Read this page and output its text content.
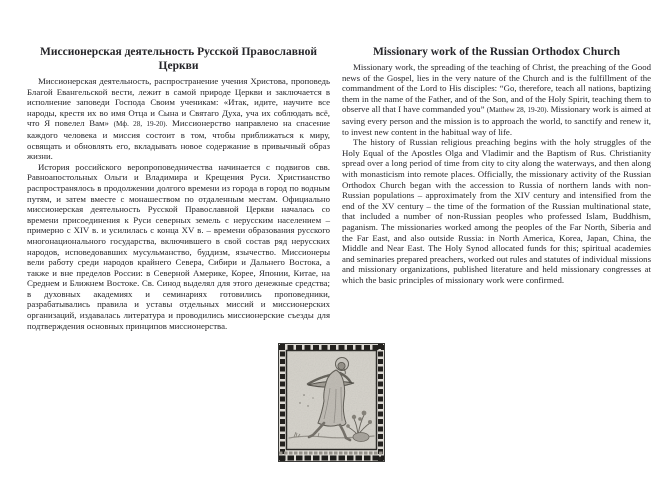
Миссионерская деятельность Русской Православной Церкви

Миссионерская деятельность, распространение учения Христова, проповедь Благой Евангельской вести, лежит в самой природе Церкви и заключается в исполнение заповеди Господа Своим ученикам: «Итак, идите, научите все народы, крестя их во имя Отца и Сына и Святаго Духа, уча их соблюдать всё, что Я повелел Вам» (Мф. 28, 19-20). Миссионерство направлено на спасение каждого человека и миссия состоит в том, чтобы приближаться к миру, освящать и обновлять его, вкладывать новое содержание в привычный образ жизни.

История российского веропроповедничества начинается с подвигов свв. Равноапостольных Ольги и Владимира и Крещения Руси. Христианство распространялось в продолжении долгого времени из города в город по водным путям, и затем вместе с монашеством по отдаленным местам. Официально миссионерская деятельность Русской Православной Церкви началась со времени присоединения к Руси северных земель с нерусским населением – примерно с XIV в. и усилилась с конца XV в. – времени образования русского многонационального государства, включившего в свой состав ряд нерусских народов, исповедовавших мусульманство, буддизм, язычество. Миссионеры вели работу среди народов крайнего Севера, Сибири и Дальнего Востока, а также и вне пределов России: в Северной Америке, Корее, Японии, Китае, на Среднем и Ближнем Востоке. Св. Синод выделял для этого денежные средства; в духовных академиях и семинариях готовились проповедники, разрабатывались правила и уставы отдельных миссий и миссионерских организаций, издавалась литература и проводились миссионерские съезды для подтверждения основных принципов миссионерства.

Missionary work of the Russian Orthodox Church

Missionary work, the spreading of the teaching of Christ, the preaching of the Good news of the Gospel, lies in the very nature of the Church and is the fulfillment of the commandment of the Lord to His disciples: “Go, therefore, teach all nations, baptizing them in the name of the Father, and of the Son, and of the Holy Spirit, teaching them to observe all that I have commanded you” (Matthew 28, 19-20). Missionary work is aimed at saving every person and the mission is to approach the world, to sanctify and renew it, to invest new content in the habitual way of life.

The history of Russian religious preaching begins with the holy struggles of the Holy Equal of the Apostles Olga and Vladimir and the Baptism of Rus. Christianity spread over a long period of time from city to city along the waterways, and then along with monasticism into remote places. Officially, the missionary activity of the Russian Orthodox Church began with the accession to Russia of northern lands with non-Russian populations – approximately from the XIV century and intensified from the end of the XV century – the time of the formation of the Russian multinational state, that included a number of non-Russian peoples who professed Islam, Buddhism, paganism. The missionaries worked among the peoples of the Far North, Siberia and the Far East, and also outside Russia: in North America, Korea, Japan, China, the Middle and Near East. The Holy Synod allocated funds for this; spiritual academies and seminaries prepared preachers, worked out rules and statutes of individual missions and missionary organizations, published literature and held missionary congresses at which the basic principles of missionary work were confirmed.
